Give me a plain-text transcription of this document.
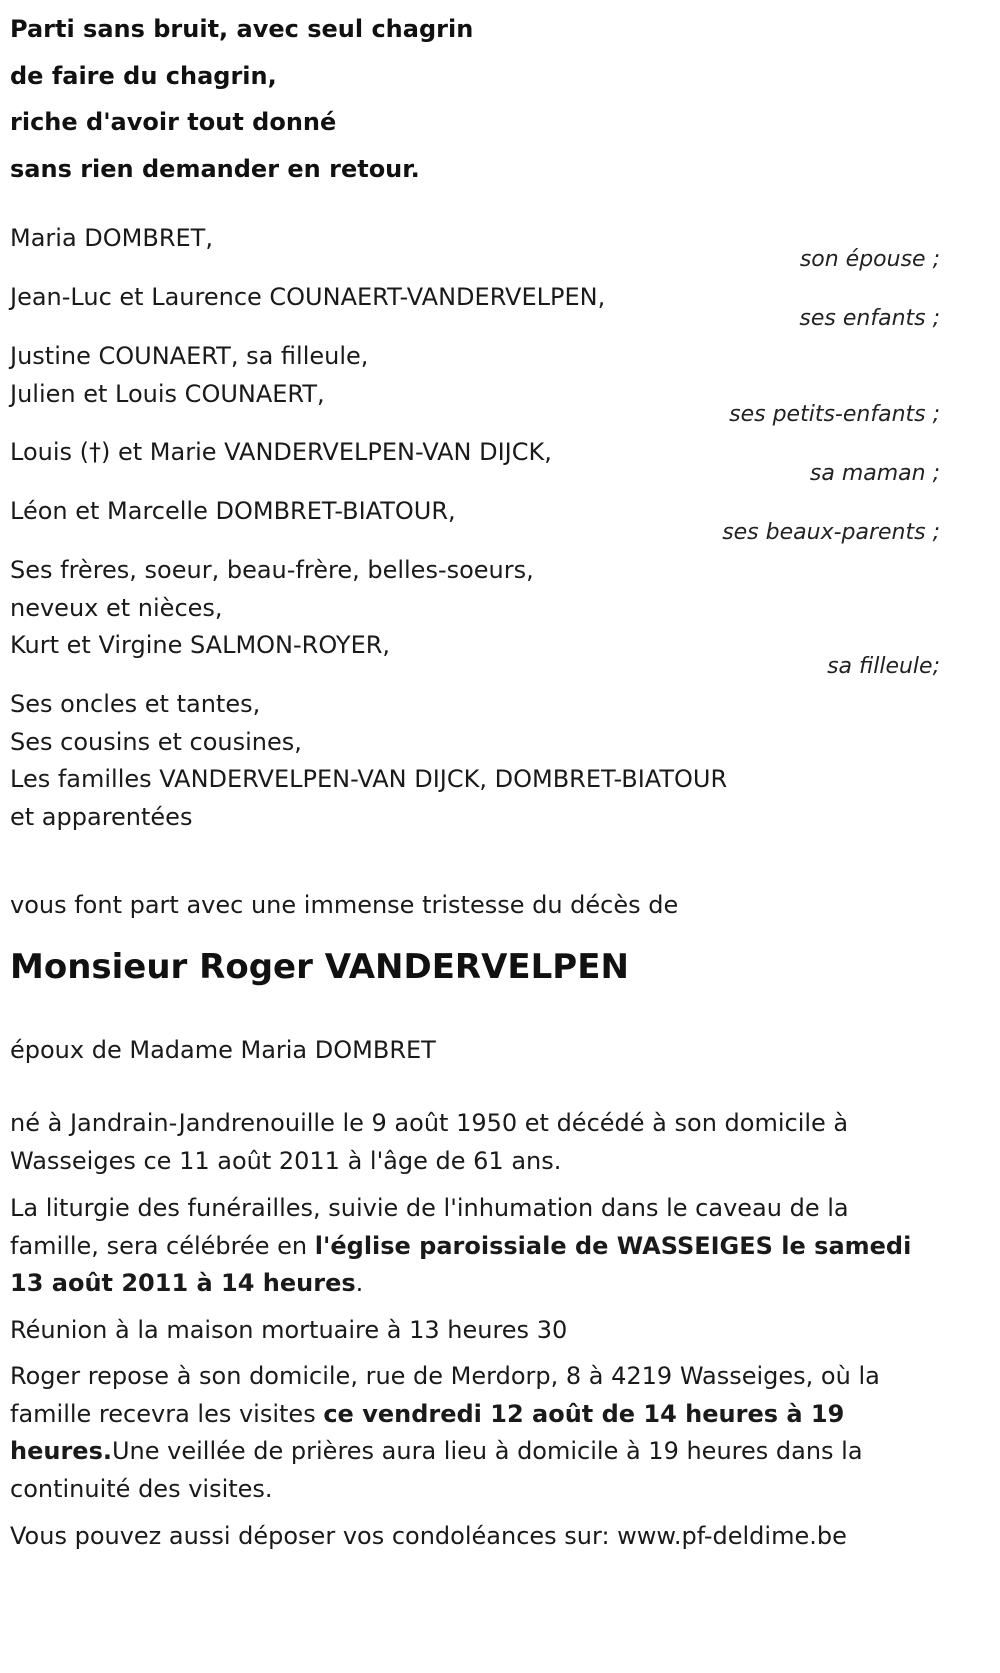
Parti sans bruit, avec seul chagrin
de faire du chagrin,
riche d'avoir tout donné
sans rien demander en retour.
Maria DOMBRET,
son épouse ;
Jean-Luc et Laurence COUNAERT-VANDERVELPEN,
ses enfants ;
Justine COUNAERT, sa filleule,
Julien et Louis COUNAERT,
ses petits-enfants ;
Louis (†) et Marie VANDERVELPEN-VAN DIJCK,
sa maman ;
Léon et Marcelle DOMBRET-BIATOUR,
ses beaux-parents ;
Ses frères, soeur, beau-frère, belles-soeurs,
neveux et nièces,
Kurt et Virgine SALMON-ROYER,
sa filleule;
Ses oncles et tantes,
Ses cousins et cousines,
Les familles VANDERVELPEN-VAN DIJCK, DOMBRET-BIATOUR
et apparentées
vous font part avec une immense tristesse du décès de
Monsieur Roger VANDERVELPEN
époux de Madame Maria DOMBRET
né à Jandrain-Jandrenouille le 9 août 1950 et décédé à son domicile à Wasseiges ce 11 août 2011 à l'âge de 61 ans.
La liturgie des funérailles, suivie de l'inhumation dans le caveau de la famille, sera célébrée en l'église paroissiale de WASSEIGES le samedi 13 août 2011 à 14 heures.
Réunion à la maison mortuaire à 13 heures 30
Roger repose à son domicile, rue de Merdorp, 8 à 4219 Wasseiges, où la famille recevra les visites ce vendredi 12 août de 14 heures à 19 heures.Une veillée de prières aura lieu à domicile à 19 heures dans la continuité des visites.
Vous pouvez aussi déposer vos condoléances sur: www.pf-deldime.be
